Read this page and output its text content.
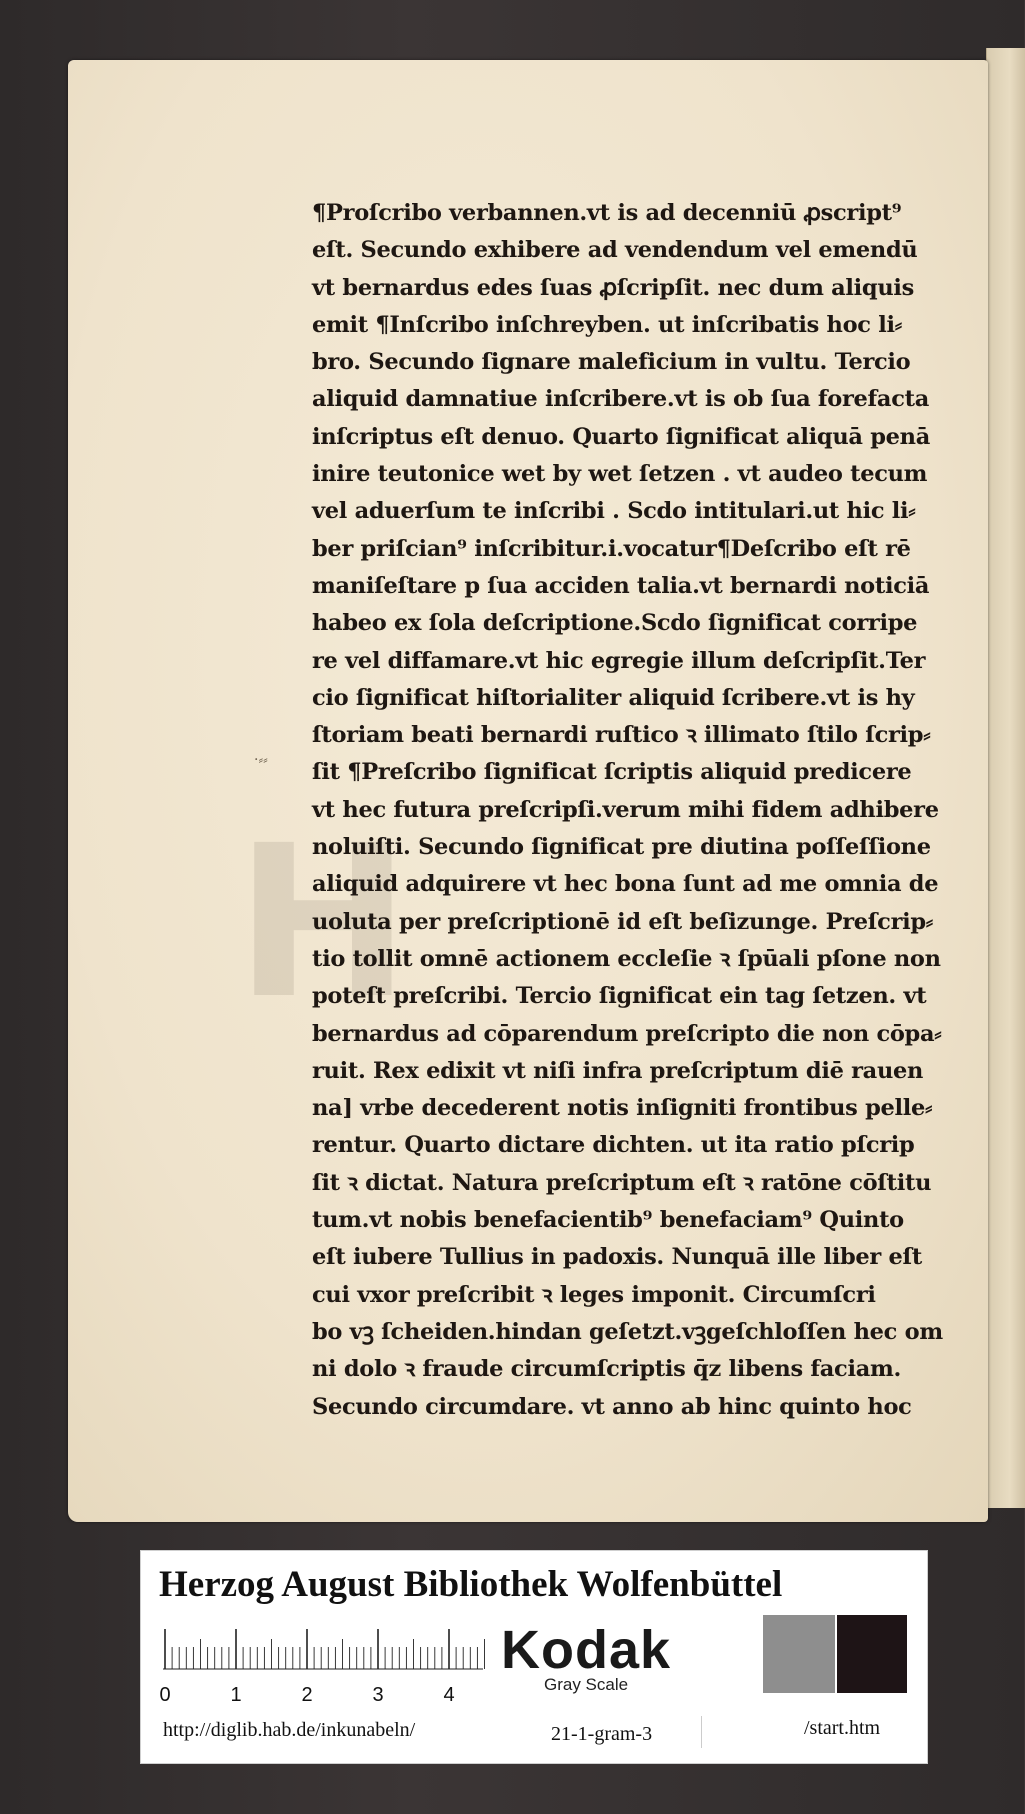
H
·⸗⸗
¶Proſcribo verbannen.vt is ad decenniū ꝓscript⁹
eſt. Secundo exhibere ad vendendum vel emendū
vt bernardus edes ſuas ꝓſcripſit. nec dum aliquis
emit ¶Inſcribo inſchreyben. ut inſcribatis hoc li⸗
bro. Secundo ſignare maleficium in vultu. Tercio
aliquid damnatiue inſcribere.vt is ob ſua forefacta
inſcriptus eſt denuo. Quarto ſignificat aliquā penā
inire teutonice wet by wet ſetzen . vt audeo tecum
vel aduerſum te inſcribi . Scdo intitulari.ut hic li⸗
ber priſcian⁹ inſcribitur.i.vocatur¶Deſcribo eſt rē
maniſeſtare p ſua acciden talia.vt bernardi noticiā
habeo ex ſola deſcriptione.Scdo ſignificat corripe
re vel diffamare.vt hic egregie illum deſcripſit.Ter
cio ſignificat hiſtorialiter aliquid ſcribere.vt is hy
ſtoriam beati bernardi ruſtico ꝛ illimato ſtilo ſcrip⸗
ſit ¶Preſcribo ſignificat ſcriptis aliquid predicere
vt hec futura preſcripſi.verum mihi fidem adhibere
noluiſti. Secundo ſignificat pre diutina poſſeſſione
aliquid adquirere vt hec bona ſunt ad me omnia de
uoluta per preſcriptionē id eſt beſizunge. Preſcrip⸗
tio tollit omnē actionem eccleſie ꝛ ſpūali pſone non
poteſt preſcribi. Tercio ſignificat ein tag ſetzen. vt
bernardus ad cōparendum preſcripto die non cōpa⸗
ruit. Rex edixit vt niſi infra preſcriptum diē rauen
na] vrbe decederent notis inſigniti frontibus pelle⸗
rentur. Quarto dictare dichten. ut ita ratio pſcrip
ſit ꝛ dictat. Natura preſcriptum eſt ꝛ ratōne cōſtitu
tum.vt nobis benefacientib⁹ benefaciam⁹ Quinto
eſt iubere Tullius in padoxis. Nunquā ille liber eſt
cui vxor preſcribit ꝛ leges imponit. Circumſcri
bo vꝫ ſcheiden.hindan geſetzt.vꝫgeſchloſſen hec om
ni dolo ꝛ fraude circumſcriptis q̄z libens faciam.
Secundo circumdare. vt anno ab hinc quinto hoc
Herzog August Bibliothek Wolfenbüttel
0	1	2	3	4
Kodak
Gray Scale
http://diglib.hab.de/inkunabeln/	21-1-gram-3	/start.htm
